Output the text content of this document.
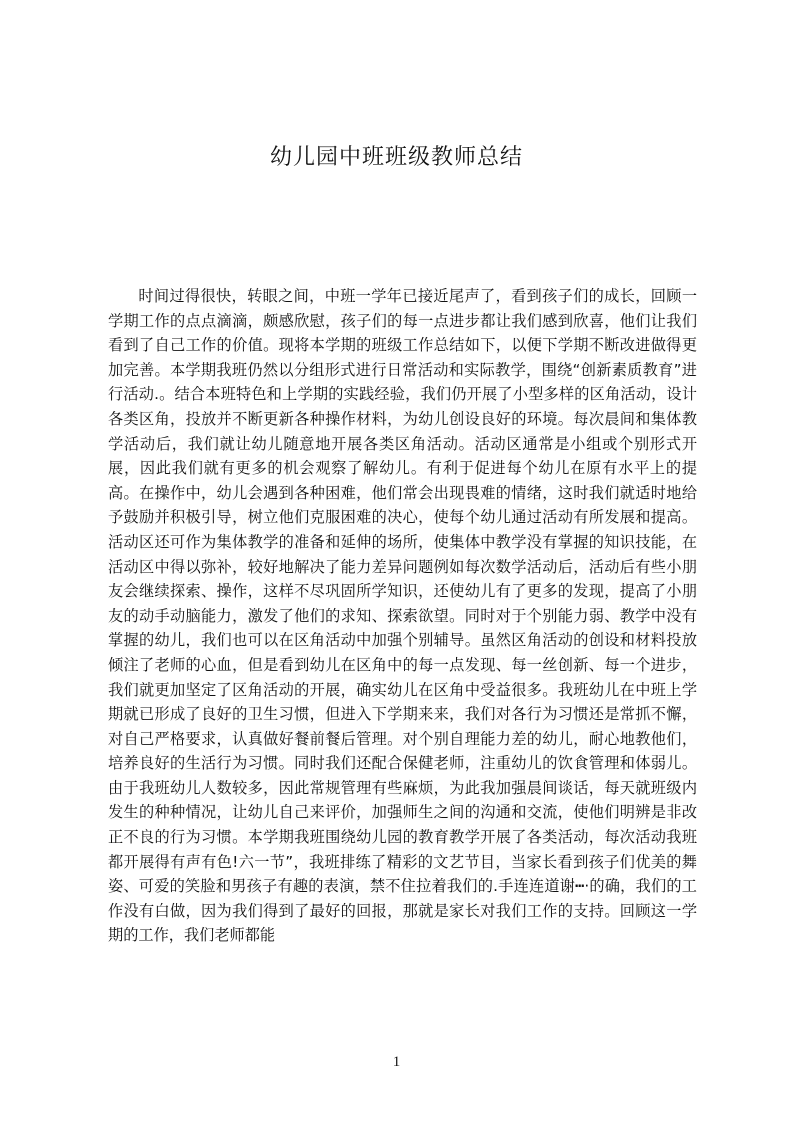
幼儿园中班班级教师总结

时间过得很快，转眼之间，中班一学年已接近尾声了，看到孩子们的成长，回顾一学期工作的点点滴滴，颇感欣慰，孩子们的每一点进步都让我们感到欣喜，他们让我们看到了自己工作的价值。现将本学期的班级工作总结如下，以便下学期不断改进做得更加完善。本学期我班仍然以分组形式进行日常活动和实际教学，围绕“创新素质教育”进行活动.。结合本班特色和上学期的实践经验，我们仍开展了小型多样的区角活动，设计各类区角，投放并不断更新各种操作材料，为幼儿创设良好的环境。每次晨间和集体教学活动后，我们就让幼儿随意地开展各类区角活动。活动区通常是小组或个别形式开展，因此我们就有更多的机会观察了解幼儿。有利于促进每个幼儿在原有水平上的提高。在操作中，幼儿会遇到各种困难，他们常会出现畏难的情绪，这时我们就适时地给予鼓励并积极引导，树立他们克服困难的决心，使每个幼儿通过活动有所发展和提高。活动区还可作为集体教学的准备和延伸的场所，使集体中教学没有掌握的知识技能，在活动区中得以弥补，较好地解决了能力差异问题例如每次数学活动后，活动后有些小朋友会继续探索、操作，这样不尽巩固所学知识，还使幼儿有了更多的发现，提高了小朋友的动手动脑能力，激发了他们的求知、探索欲望。同时对于个别能力弱、教学中没有掌握的幼儿，我们也可以在区角活动中加强个别辅导。虽然区角活动的创设和材料投放倾注了老师的心血，但是看到幼儿在区角中的每一点发现、每一丝创新、每一个进步，我们就更加坚定了区角活动的开展，确实幼儿在区角中受益很多。我班幼儿在中班上学期就已形成了良好的卫生习惯，但进入下学期来来，我们对各行为习惯还是常抓不懈，对自己严格要求，认真做好餐前餐后管理。对个别自理能力差的幼儿，耐心地教他们，培养良好的生活行为习惯。同时我们还配合保健老师，注重幼儿的饮食管理和体弱儿。由于我班幼儿人数较多，因此常规管理有些麻烦，为此我加强晨间谈话，每天就班级内发生的种种情况，让幼儿自己来评价，加强师生之间的沟通和交流，使他们明辨是非改正不良的行为习惯。本学期我班围绕幼儿园的教育教学开展了各类活动，每次活动我班都开展得有声有色!六一节”，我班排练了精彩的文艺节目，当家长看到孩子们优美的舞姿、可爱的笑脸和男孩子有趣的表演，禁不住拉着我们的.手连连道谢┅·的确，我们的工作没有白做，因为我们得到了最好的回报，那就是家长对我们工作的支持。回顾这一学期的工作，我们老师都能

1
